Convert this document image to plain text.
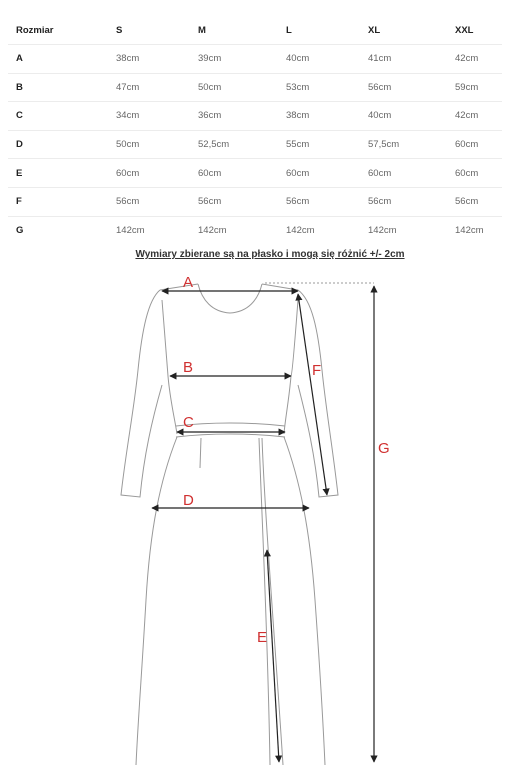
Rozmiar	S	M	L	XL	XXL
A	38cm	39cm	40cm	41cm	42cm
B	47cm	50cm	53cm	56cm	59cm
C	34cm	36cm	38cm	40cm	42cm
D	50cm	52,5cm	55cm	57,5cm	60cm
E	60cm	60cm	60cm	60cm	60cm
F	56cm	56cm	56cm	56cm	56cm
G	142cm	142cm	142cm	142cm	142cm
Wymiary zbierane są na płasko i mogą się różnić +/- 2cm
A
B
C
D
E
F
G
